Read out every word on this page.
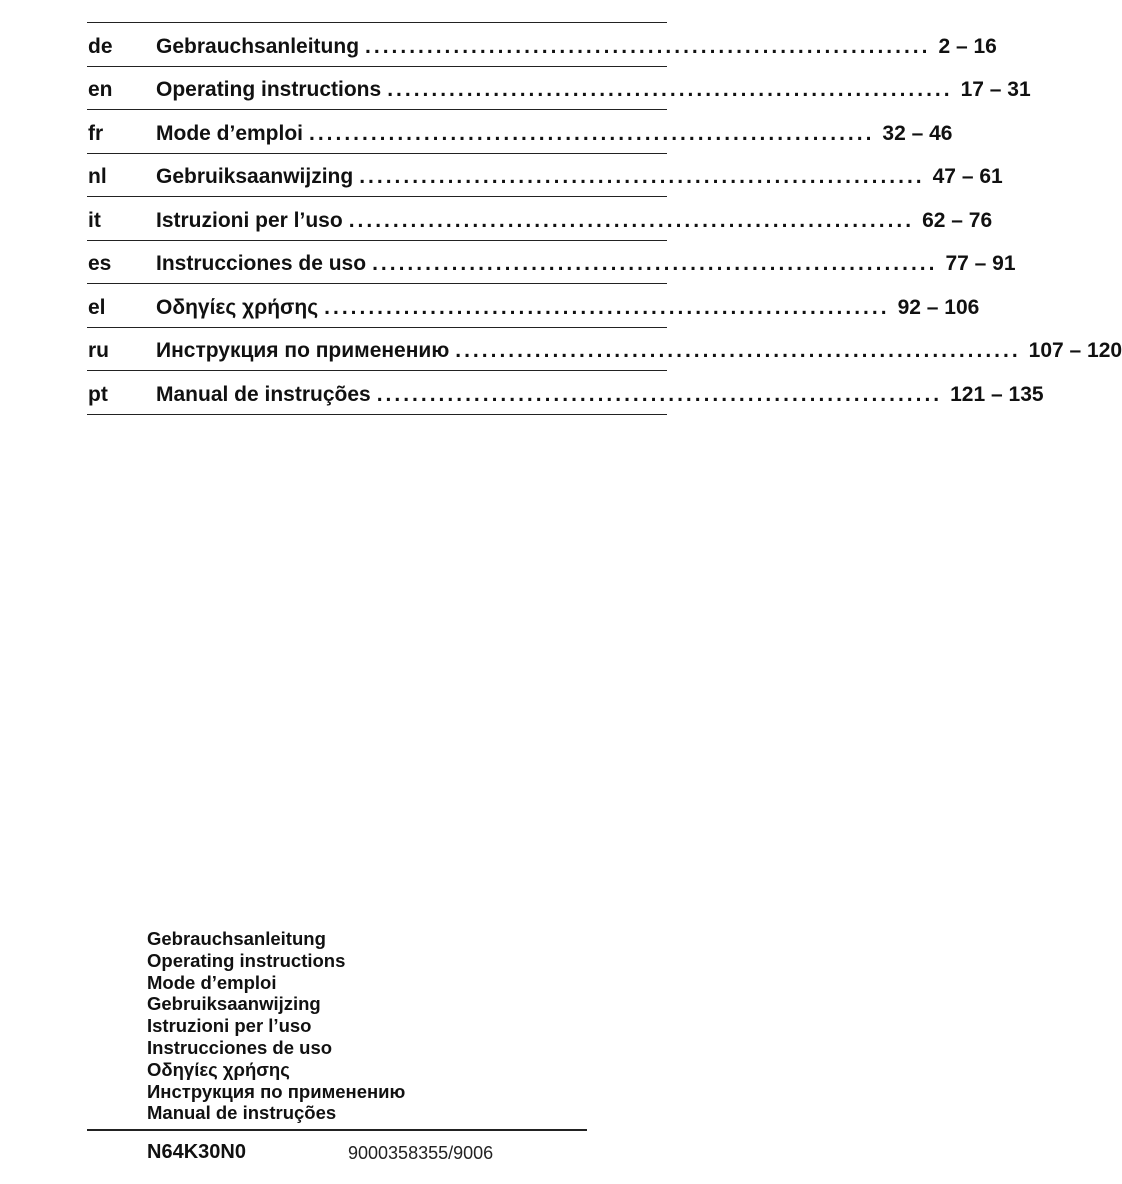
de Gebrauchsanleitung ................................................................ 2 – 16
en Operating instructions ................................................................ 17 – 31
fr	Mode d’emploi ................................................................ 32 – 46
nl Gebruiksaanwijzing ................................................................ 47 – 61
it	Istruzioni per l’uso ................................................................ 62 – 76
es Instrucciones de uso ................................................................ 77 – 91
el Οδηγίες χρήσης ................................................................ 92 – 106
ru Инструкция по применению ................................................................ 107 – 120
pt Manual de instruções ................................................................ 121 – 135
Gebrauchsanleitung
Operating instructions
Mode d’emploi
Gebruiksaanwijzing
Istruzioni per l’uso
Instrucciones de uso
Οδηγίες χρήσης
Инструкция по применению
Manual de instruções
N64K30N0	9000358355/9006
